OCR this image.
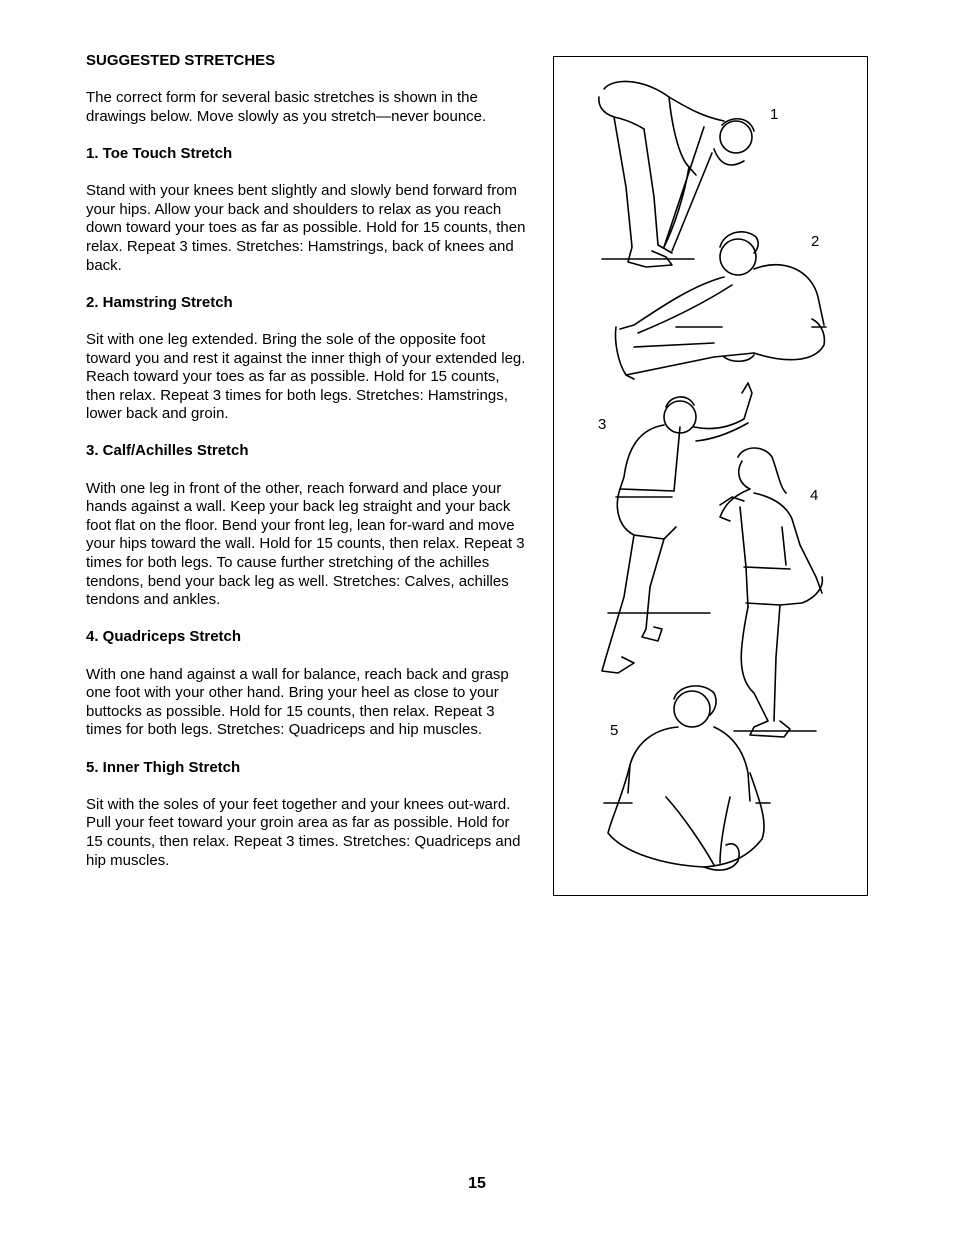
SUGGESTED STRETCHES

The correct form for several basic stretches is shown in the drawings below. Move slowly as you stretch—never bounce.

1. Toe Touch Stretch

Stand with your knees bent slightly and slowly bend forward from your hips. Allow your back and shoulders to relax as you reach down toward your toes as far as possible. Hold for 15 counts, then relax. Repeat 3 times. Stretches: Hamstrings, back of knees and back.

2. Hamstring Stretch

Sit with one leg extended. Bring the sole of the opposite foot toward you and rest it against the inner thigh of your extended leg. Reach toward your toes as far as possible. Hold for 15 counts, then relax. Repeat 3 times for both legs. Stretches: Hamstrings, lower back and groin.

3. Calf/Achilles Stretch

With one leg in front of the other, reach forward and place your hands against a wall. Keep your back leg straight and your back foot flat on the floor. Bend your front leg, lean for-ward and move your hips toward the wall. Hold for 15 counts, then relax. Repeat 3 times for both legs. To cause further stretching of the achilles tendons, bend your back leg as well. Stretches: Calves, achilles tendons and ankles.

4. Quadriceps Stretch

With one hand against a wall for balance, reach back and grasp one foot with your other hand. Bring your heel as close to your buttocks as possible. Hold for 15 counts, then relax. Repeat 3 times for both legs. Stretches: Quadriceps and hip muscles.

5. Inner Thigh Stretch

Sit with the soles of your feet together and your knees out-ward. Pull your feet toward your groin area as far as possible. Hold for 15 counts, then relax. Repeat 3 times. Stretches: Quadriceps and hip muscles.

1
2
3
4
5
15
